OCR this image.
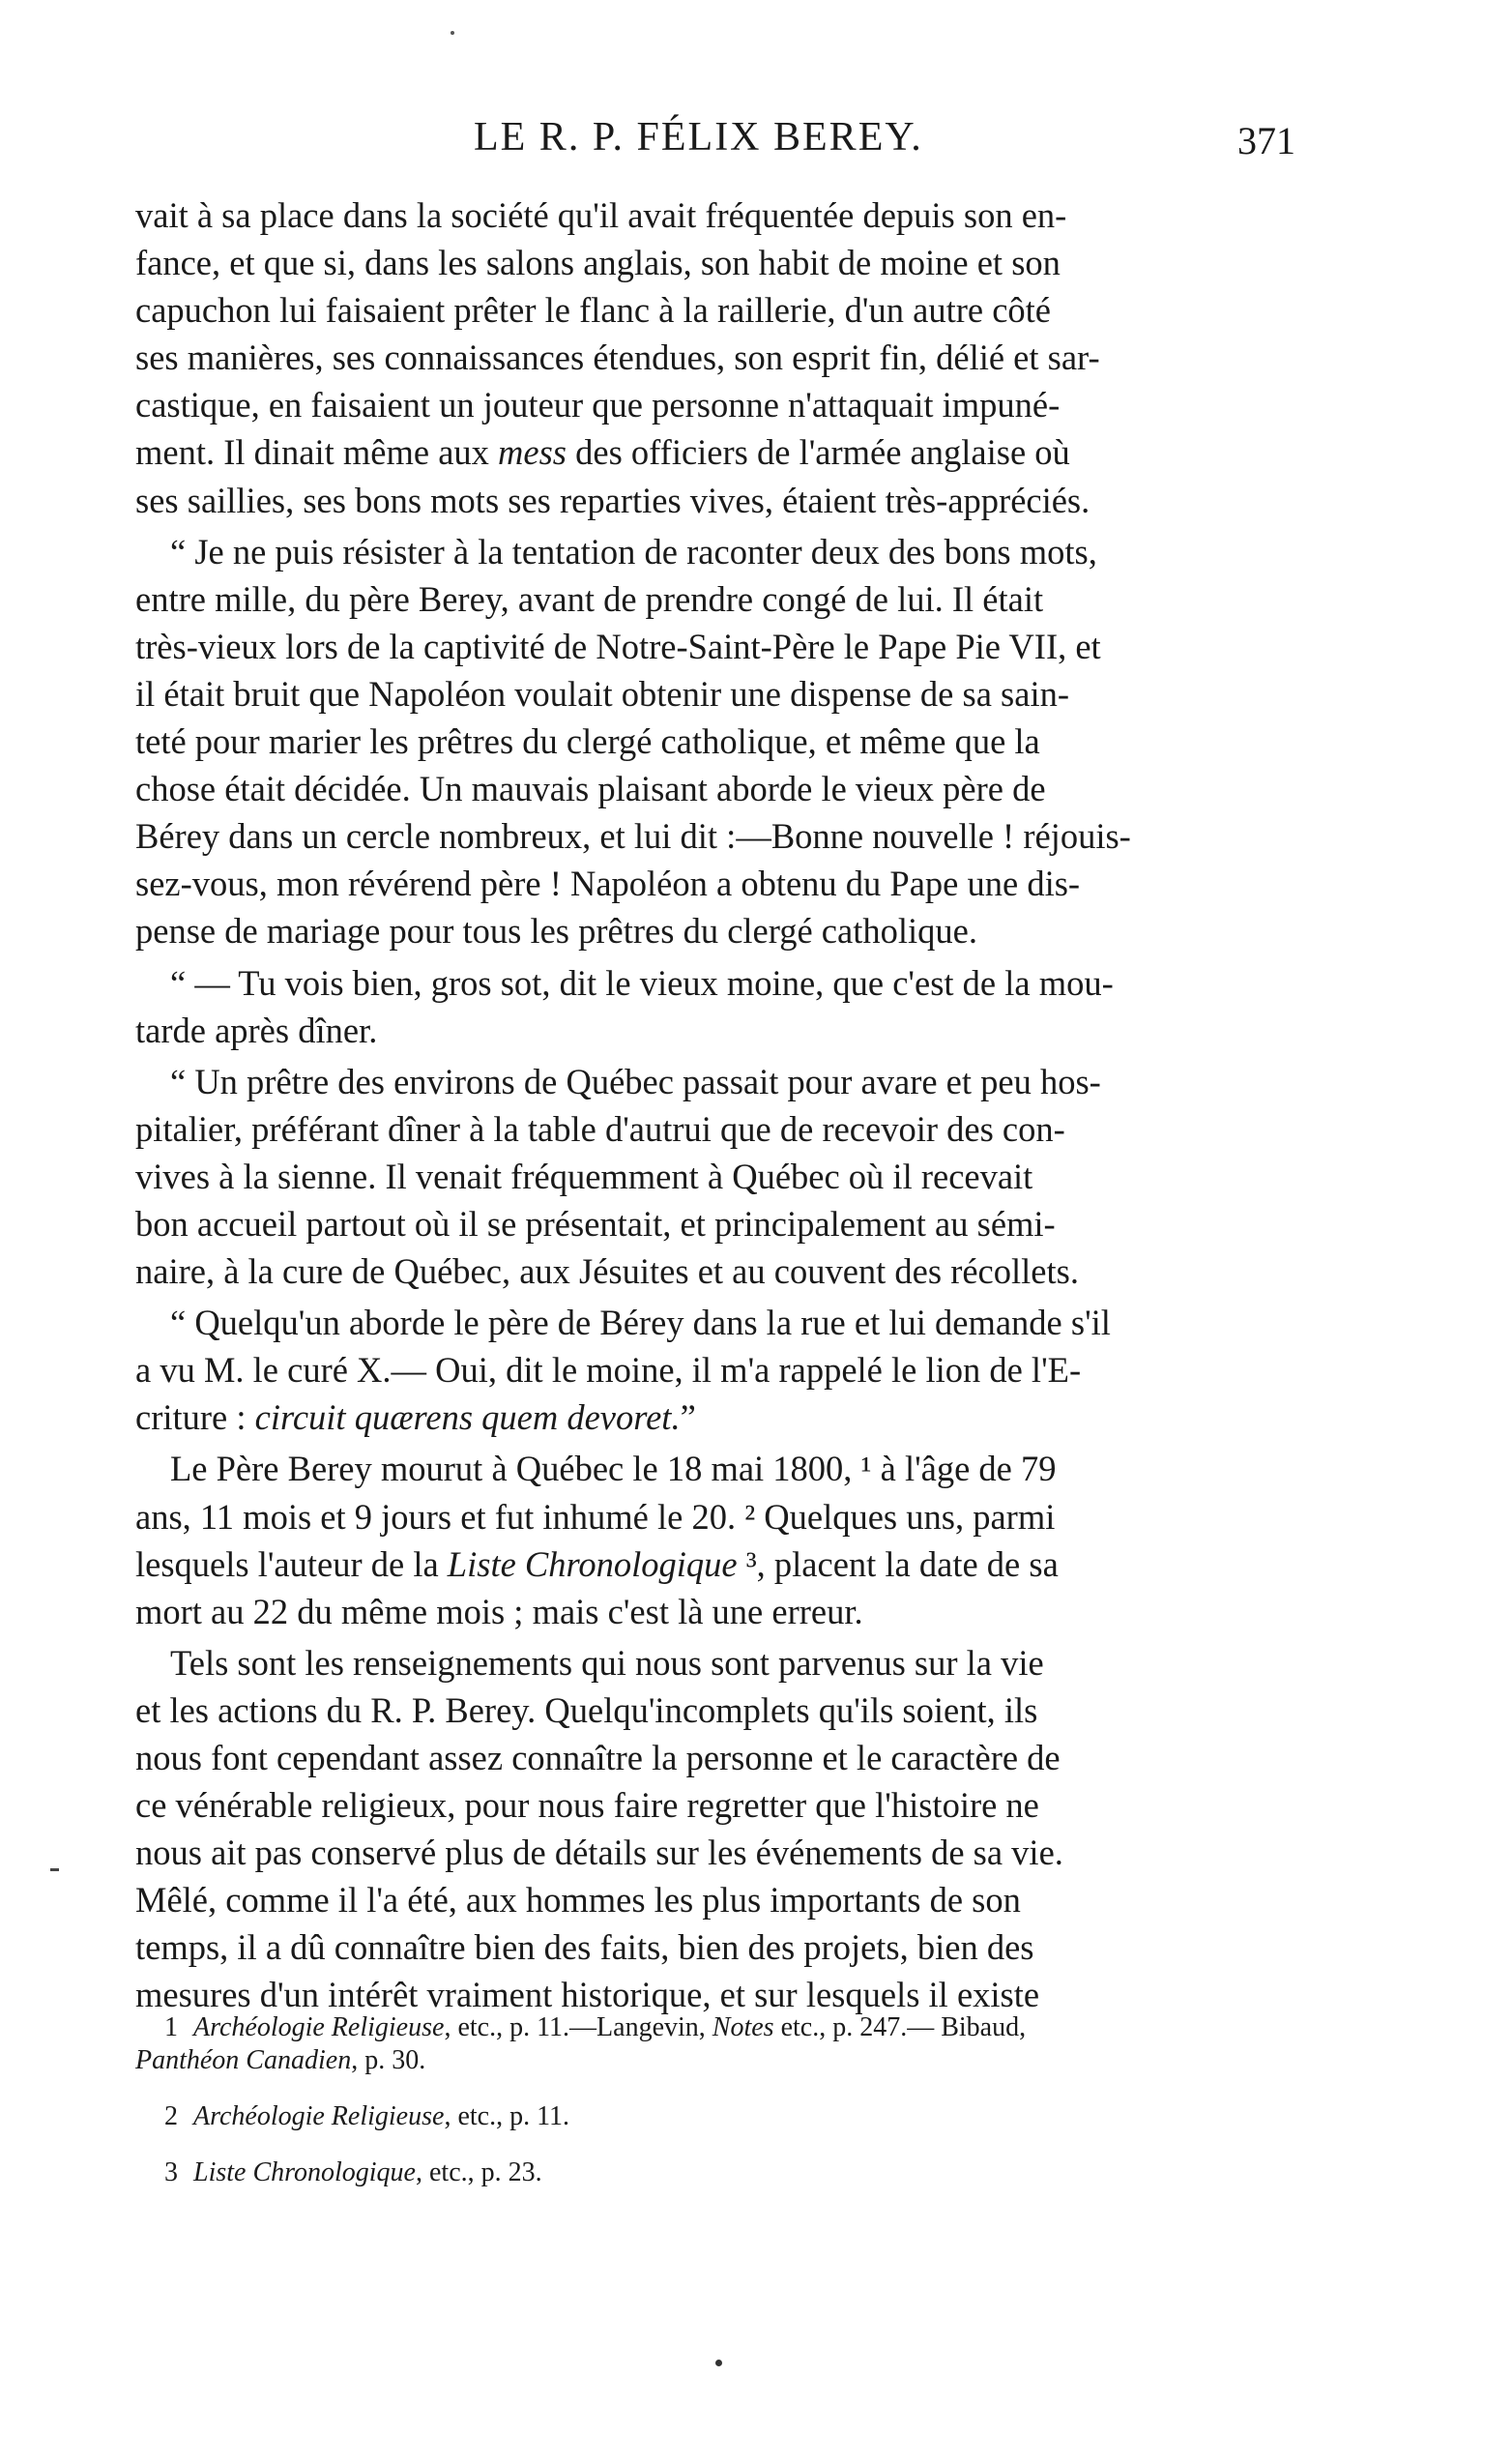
LE R. P. FÉLIX BEREY.	371
vait à sa place dans la société qu'il avait fréquentée depuis son en-
fance, et que si, dans les salons anglais, son habit de moine et son
capuchon lui faisaient prêter le flanc à la raillerie, d'un autre côté
ses manières, ses connaissances étendues, son esprit fin, délié et sar-
castique, en faisaient un jouteur que personne n'attaquait impuné-
ment. Il dinait même aux mess des officiers de l'armée anglaise où
ses saillies, ses bons mots ses reparties vives, étaient très-appréciés.
“ Je ne puis résister à la tentation de raconter deux des bons mots,
entre mille, du père Berey, avant de prendre congé de lui. Il était
très-vieux lors de la captivité de Notre-Saint-Père le Pape Pie VII, et
il était bruit que Napoléon voulait obtenir une dispense de sa sain-
teté pour marier les prêtres du clergé catholique, et même que la
chose était décidée. Un mauvais plaisant aborde le vieux père de
Bérey dans un cercle nombreux, et lui dit :—Bonne nouvelle ! réjouis-
sez-vous, mon révérend père ! Napoléon a obtenu du Pape une dis-
pense de mariage pour tous les prêtres du clergé catholique.
“ — Tu vois bien, gros sot, dit le vieux moine, que c'est de la mou-
tarde après dîner.
“ Un prêtre des environs de Québec passait pour avare et peu hos-
pitalier, préférant dîner à la table d'autrui que de recevoir des con-
vives à la sienne. Il venait fréquemment à Québec où il recevait
bon accueil partout où il se présentait, et principalement au sémi-
naire, à la cure de Québec, aux Jésuites et au couvent des récollets.
“ Quelqu'un aborde le père de Bérey dans la rue et lui demande s'il
a vu M. le curé X.— Oui, dit le moine, il m'a rappelé le lion de l'E-
criture : circuit quærens quem devoret.”
Le Père Berey mourut à Québec le 18 mai 1800, ¹ à l'âge de 79
ans, 11 mois et 9 jours et fut inhumé le 20. ² Quelques uns, parmi
lesquels l'auteur de la Liste Chronologique ³, placent la date de sa
mort au 22 du même mois ; mais c'est là une erreur.
Tels sont les renseignements qui nous sont parvenus sur la vie
et les actions du R. P. Berey. Quelqu'incomplets qu'ils soient, ils
nous font cependant assez connaître la personne et le caractère de
ce vénérable religieux, pour nous faire regretter que l'histoire ne
nous ait pas conservé plus de détails sur les événements de sa vie.
Mêlé, comme il l'a été, aux hommes les plus importants de son
temps, il a dû connaître bien des faits, bien des projets, bien des
mesures d'un intérêt vraiment historique, et sur lesquels il existe
1 Archéologie Religieuse, etc., p. 11.—Langevin, Notes etc., p. 247.— Bibaud,
Panthéon Canadien, p. 30.
2 Archéologie Religieuse, etc., p. 11.
3 Liste Chronologique, etc., p. 23.
